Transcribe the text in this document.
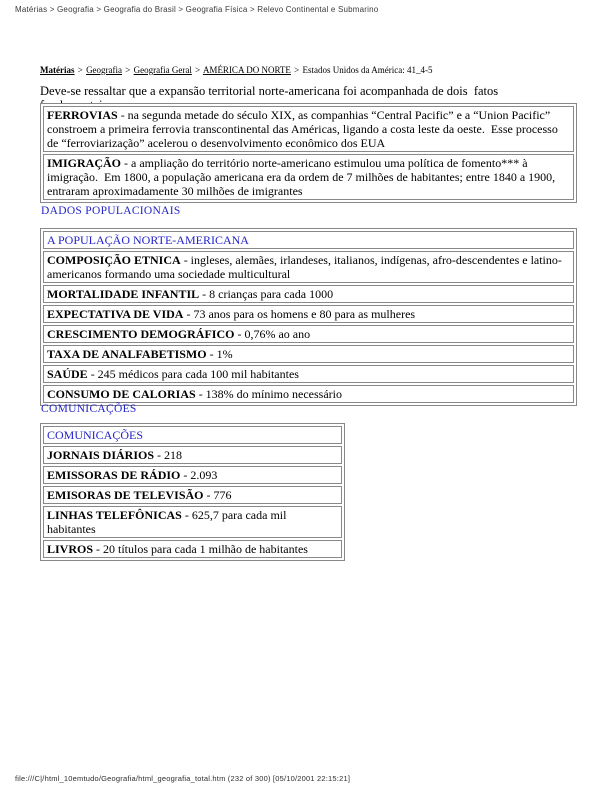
Matérias > Geografia > Geografia do Brasil > Geografia Física > Relevo Continental e Submarino
Matérias > Geografia > Geografia Geral > AMÉRICA DO NORTE > Estados Unidos da América: 41_4-5
Deve-se ressaltar que a expansão territorial norte-americana foi acompanhada de dois  fatos
FERROVIAS - na segunda metade do século XIX, as companhias “Central Pacific” e a “Union Pacific” constroem a primeira ferrovia transcontinental das Américas, ligando a costa leste da oeste.  Esse processo de “ferroviarização” acelerou o desenvolvimento econômico dos EUA
IMIGRAÇÃO - a ampliação do território norte-americano estimulou uma política de fomento*** à imigração.  Em 1800, a população americana era da ordem de 7 milhões de habitantes; entre 1840 a 1900, entraram aproximadamente 30 milhões de imigrantes
DADOS POPULACIONAIS
A POPULAÇÃO NORTE-AMERICANA
COMPOSIÇÃO ETNICA - ingleses, alemães, irlandeses, italianos, indígenas, afro-descendentes e latino-americanos formando uma sociedade multicultural
MORTALIDADE INFANTIL - 8 crianças para cada 1000
EXPECTATIVA DE VIDA - 73 anos para os homens e 80 para as mulheres
CRESCIMENTO DEMOGRÁFICO - 0,76% ao ano
TAXA DE ANALFABETISMO - 1%
SAÚDE - 245 médicos para cada 100 mil habitantes
CONSUMO DE CALORIAS - 138% do mínimo necessário
COMUNICAÇÕES
COMUNICAÇÕES
JORNAIS DIÁRIOS - 218
EMISSORAS DE RÁDIO - 2.093
EMISORAS DE TELEVISÃO - 776
LINHAS TELEFÔNICAS - 625,7 para cada mil habitantes
LIVROS - 20 títulos para cada 1 milhão de habitantes
file:///C|/html_10emtudo/Geografia/html_geografia_total.htm (232 of 300) [05/10/2001 22:15:21]
